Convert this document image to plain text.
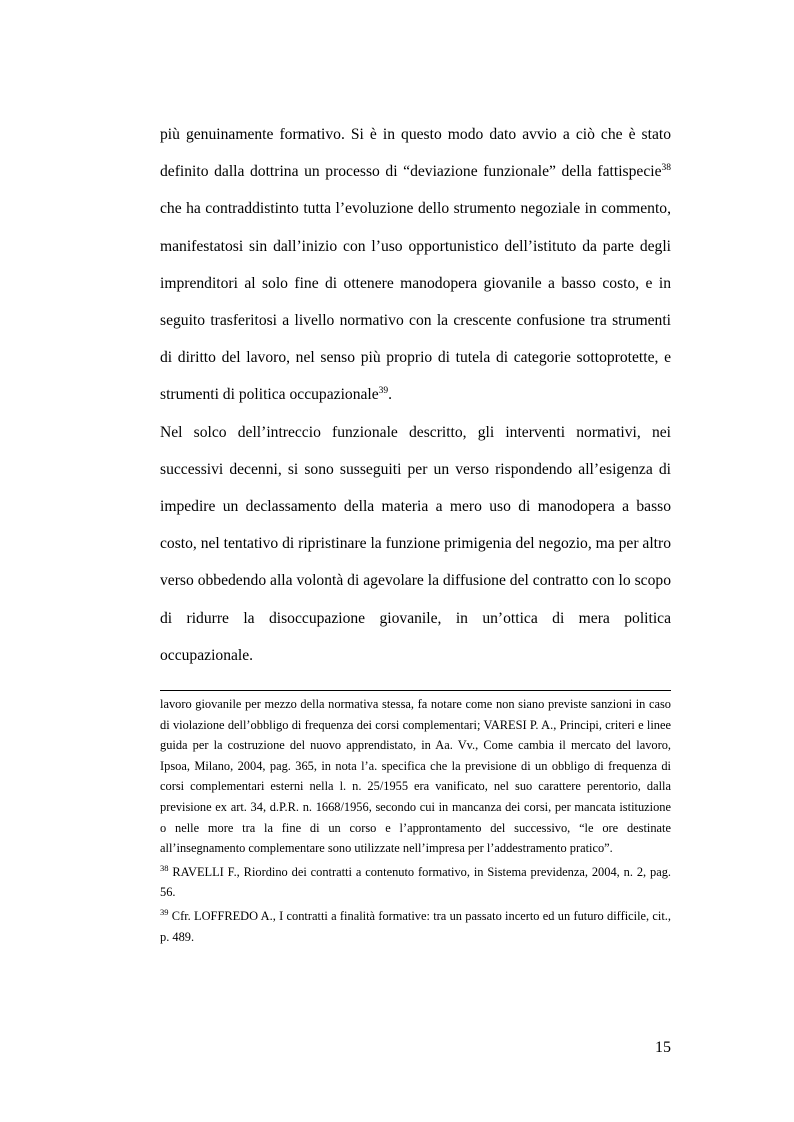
più genuinamente formativo. Si è in questo modo dato avvio a ciò che è stato definito dalla dottrina un processo di “deviazione funzionale” della fattispecie$^{38}$ che ha contraddistinto tutta l’evoluzione dello strumento negoziale in commento, manifestatosi sin dall’inizio con l’uso opportunistico dell’istituto da parte degli imprenditori al solo fine di ottenere manodopera giovanile a basso costo, e in seguito trasferitosi a livello normativo con la crescente confusione tra strumenti di diritto del lavoro, nel senso più proprio di tutela di categorie sottoprotette, e strumenti di politica occupazionale$^{39}$.

Nel solco dell’intreccio funzionale descritto, gli interventi normativi, nei successivi decenni, si sono susseguiti per un verso rispondendo all’esigenza di impedire un declassamento della materia a mero uso di manodopera a basso costo, nel tentativo di ripristinare la funzione primigenia del negozio, ma per altro verso obbedendo alla volontà di agevolare la diffusione del contratto con lo scopo di ridurre la disoccupazione giovanile, in un’ottica di mera politica occupazionale.

lavoro giovanile per mezzo della normativa stessa, fa notare come non siano previste sanzioni in caso di violazione dell’obbligo di frequenza dei corsi complementari; VARESI P. A., Principi, criteri e linee guida per la costruzione del nuovo apprendistato, in Aa. Vv., Come cambia il mercato del lavoro, Ipsoa, Milano, 2004, pag. 365, in nota l’a. specifica che la previsione di un obbligo di frequenza di corsi complementari esterni nella l. n. 25/1955 era vanificato, nel suo carattere perentorio, dalla previsione ex art. 34, d.P.R. n. 1668/1956, secondo cui in mancanza dei corsi, per mancata istituzione o nelle more tra la fine di un corso e l’approntamento del successivo, “le ore destinate all’insegnamento complementare sono utilizzate nell’impresa per l’addestramento pratico”.

$^{38}$ RAVELLI F., Riordino dei contratti a contenuto formativo, in Sistema previdenza, 2004, n. 2, pag. 56.

$^{39}$ Cfr. LOFFREDO A., I contratti a finalità formative: tra un passato incerto ed un futuro difficile, cit., p. 489.

15
